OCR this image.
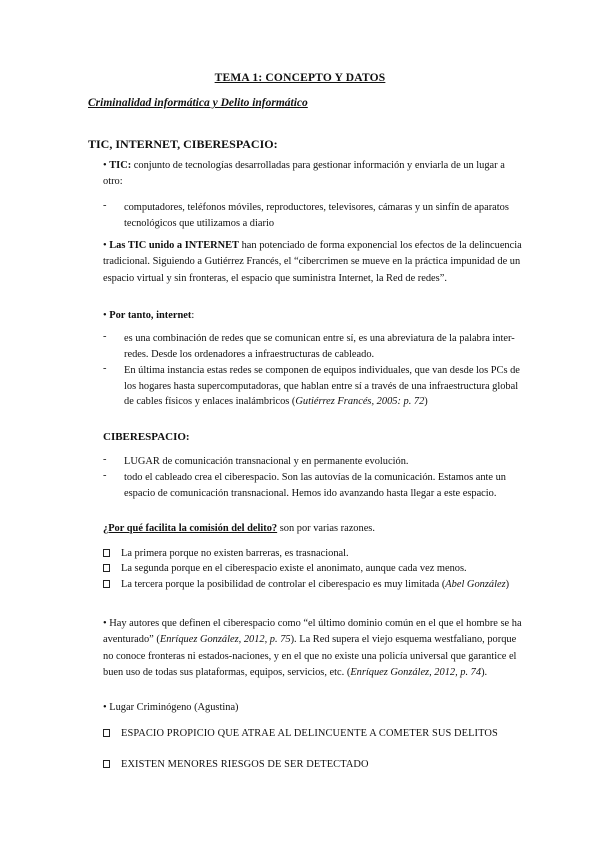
TEMA 1: CONCEPTO Y DATOS
Criminalidad informática y Delito informático
TIC, INTERNET, CIBERESPACIO:
• TIC: conjunto de tecnologías desarrolladas para gestionar información y enviarla de un lugar a otro:
- computadores, teléfonos móviles, reproductores, televisores, cámaras y un sinfín de aparatos tecnológicos que utilizamos a diario
• Las TIC unido a INTERNET han potenciado de forma exponencial los efectos de la delincuencia tradicional. Siguiendo a Gutiérrez Francés, el “cibercrimen se mueve en la práctica impunidad de un espacio virtual y sin fronteras, el espacio que suministra Internet, la Red de redes”.
• Por tanto, internet:
- es una combinación de redes que se comunican entre sí, es una abreviatura de la palabra inter-redes. Desde los ordenadores a infraestructuras de cableado.
- En última instancia estas redes se componen de equipos individuales, que van desde los PCs de los hogares hasta supercomputadoras, que hablan entre sí a través de una infraestructura global de cables físicos y enlaces inalámbricos (Gutiérrez Francés, 2005: p. 72)
CIBERESPACIO:
- LUGAR de comunicación transnacional y en permanente evolución.
- todo el cableado crea el ciberespacio. Son las autovías de la comunicación. Estamos ante un espacio de comunicación transnacional. Hemos ido avanzando hasta llegar a este espacio.
¿Por qué facilita la comisión del delito? son por varias razones.
La primera porque no existen barreras, es trasnacional.
La segunda porque en el ciberespacio existe el anonimato, aunque cada vez menos.
La tercera porque la posibilidad de controlar el ciberespacio es muy limitada (Abel González)
• Hay autores que definen el ciberespacio como “el último dominio común en el que el hombre se ha aventurado” (Enríquez González, 2012, p. 75). La Red supera el viejo esquema westfaliano, porque no conoce fronteras ni estados-naciones, y en el que no existe una policía universal que garantice el buen uso de todas sus plataformas, equipos, servicios, etc. (Enríquez González, 2012, p. 74).
• Lugar Criminógeno (Agustina)
ESPACIO PROPICIO QUE ATRAE AL DELINCUENTE A COMETER SUS DELITOS
EXISTEN MENORES RIESGOS DE SER DETECTADO
